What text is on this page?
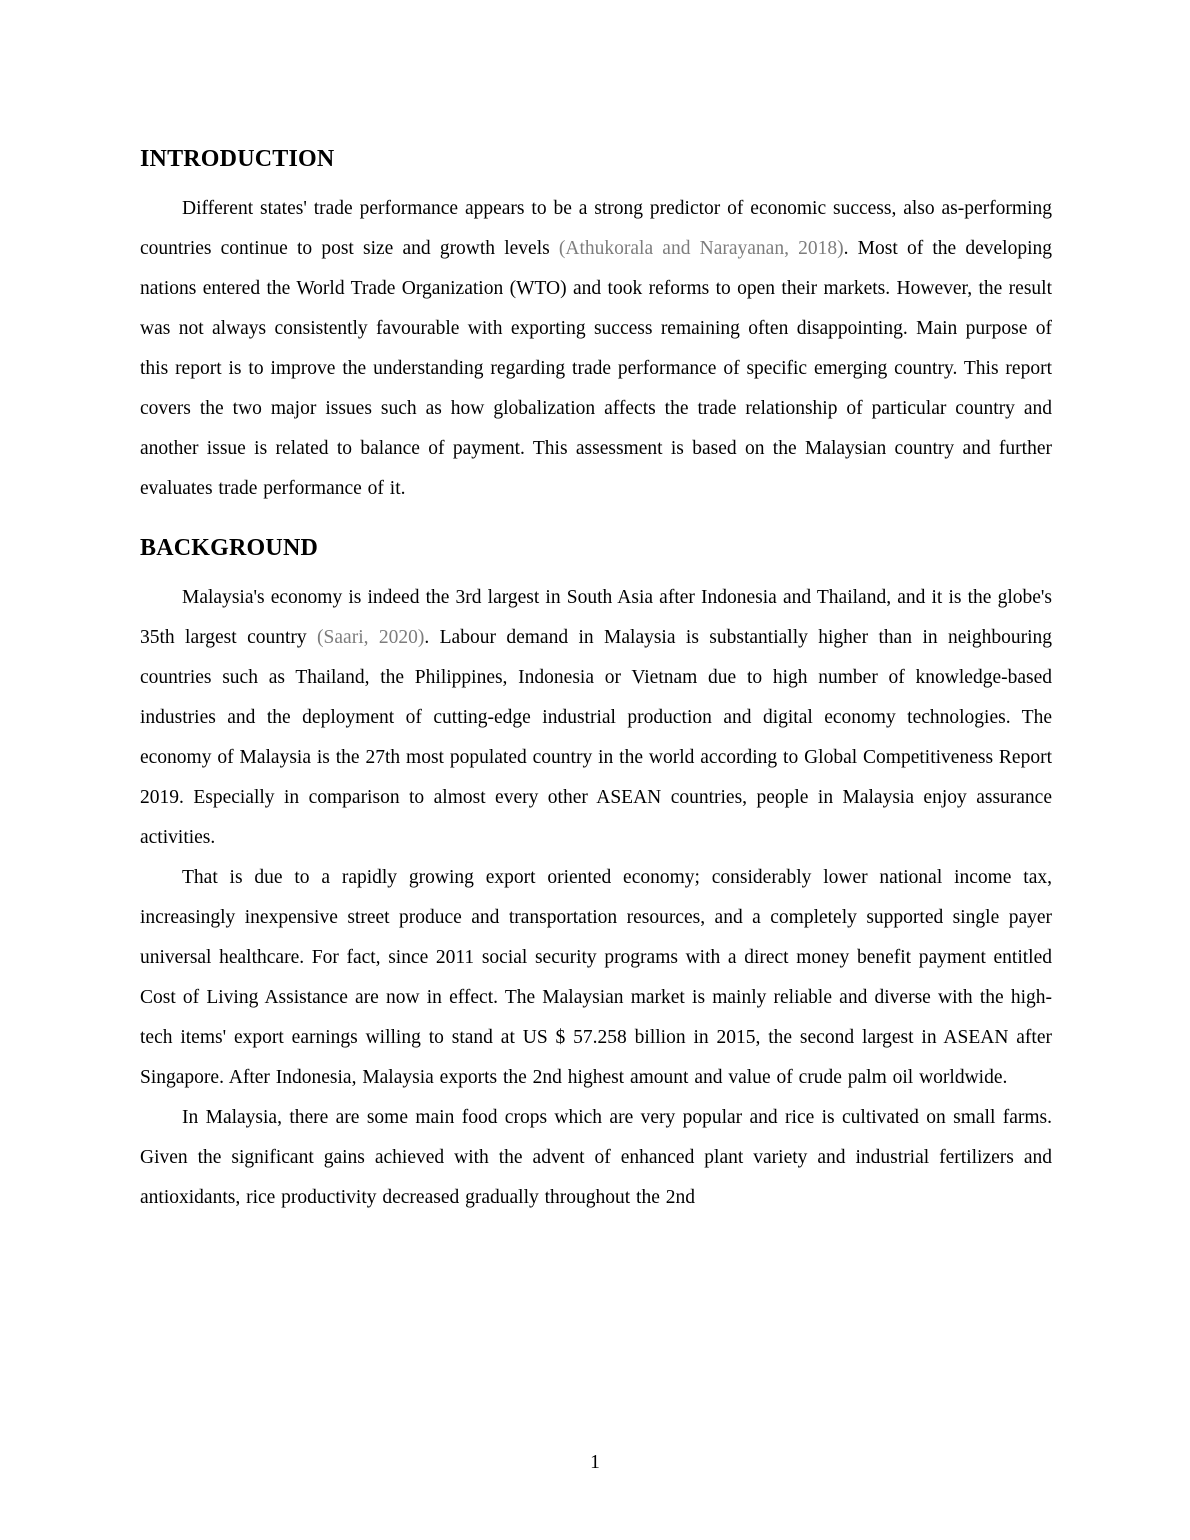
INTRODUCTION

Different states' trade performance appears to be a strong predictor of economic success, also as-performing countries continue to post size and growth levels (Athukorala and Narayanan, 2018). Most of the developing nations entered the World Trade Organization (WTO) and took reforms to open their markets. However, the result was not always consistently favourable with exporting success remaining often disappointing. Main purpose of this report is to improve the understanding regarding trade performance of specific emerging country. This report covers the two major issues such as how globalization affects the trade relationship of particular country and another issue is related to balance of payment. This assessment is based on the Malaysian country and further evaluates trade performance of it.

BACKGROUND

Malaysia's economy is indeed the 3rd largest in South Asia after Indonesia and Thailand, and it is the globe's 35th largest country (Saari, 2020). Labour demand in Malaysia is substantially higher than in neighbouring countries such as Thailand, the Philippines, Indonesia or Vietnam due to high number of knowledge-based industries and the deployment of cutting-edge industrial production and digital economy technologies. The economy of Malaysia is the 27th most populated country in the world according to Global Competitiveness Report 2019. Especially in comparison to almost every other ASEAN countries, people in Malaysia enjoy assurance activities.

That is due to a rapidly growing export oriented economy; considerably lower national income tax, increasingly inexpensive street produce and transportation resources, and a completely supported single payer universal healthcare. For fact, since 2011 social security programs with a direct money benefit payment entitled Cost of Living Assistance are now in effect. The Malaysian market is mainly reliable and diverse with the high-tech items' export earnings willing to stand at US $ 57.258 billion in 2015, the second largest in ASEAN after Singapore. After Indonesia, Malaysia exports the 2nd highest amount and value of crude palm oil worldwide.

In Malaysia, there are some main food crops which are very popular and rice is cultivated on small farms. Given the significant gains achieved with the advent of enhanced plant variety and industrial fertilizers and antioxidants, rice productivity decreased gradually throughout the 2nd

1
